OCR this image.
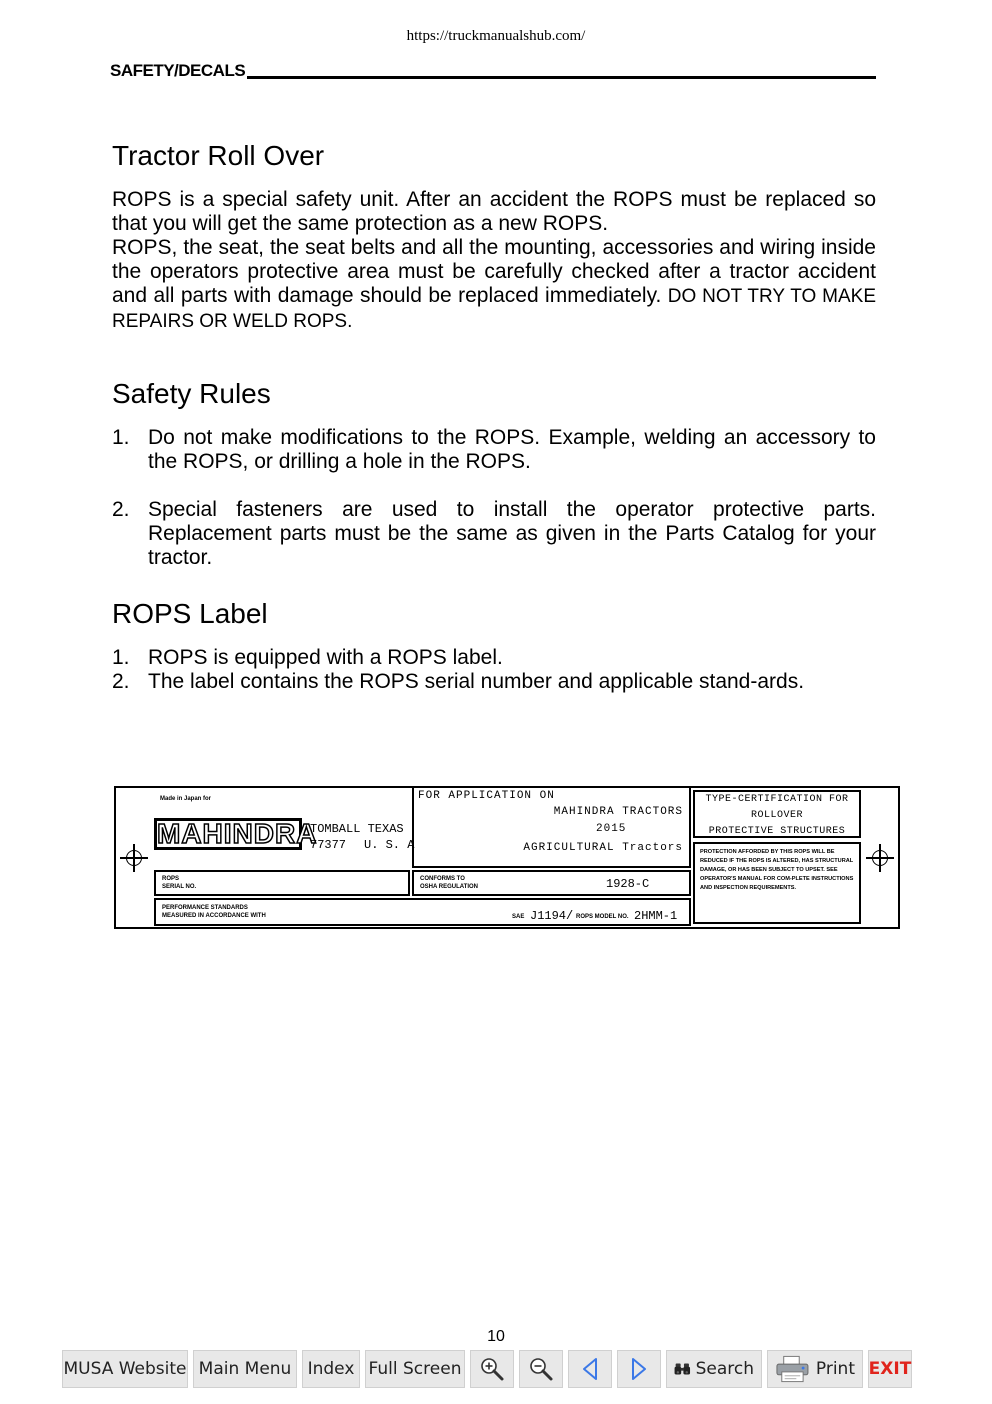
https://truckmanualshub.com/
SAFETY/DECALS
Tractor Roll Over

ROPS is a special safety unit. After an accident the ROPS must be replaced so that you will get the same protection as a new ROPS.

ROPS, the seat, the seat belts and all the mounting, accessories and wiring inside the operators protective area must be carefully checked after a tractor accident and all parts with damage should be replaced immediately. DO NOT TRY TO MAKE REPAIRS OR WELD ROPS.

Safety Rules
1. Do not make modifications to the ROPS. Example, welding an accessory to the ROPS, or drilling a hole in the ROPS.
2. Special fasteners are used to install the operator protective parts. Replacement parts must be the same as given in the Parts Catalog for your tractor.
ROPS Label
1. ROPS is equipped with a ROPS label.
2. The label contains the ROPS serial number and applicable stand-ards.
Made in Japan for
MAHINDRA
TOMBALL TEXAS
77377 U. S. A
FOR APPLICATION ON
MAHINDRA TRACTORS
2015
AGRICULTURAL Tractors
TYPE-CERTIFICATION FOR
ROLLOVER
PROTECTIVE STRUCTURES
PROTECTION AFFORDED BY THIS ROPS WILL BE REDUCED IF THE ROPS IS ALTERED, HAS STRUCTURAL DAMAGE, OR HAS BEEN SUBJECT TO UPSET. SEE OPERATOR'S MANUAL FOR COM-PLETE INSTRUCTIONS AND INSPECTION REQUIREMENTS.
ROPS
SERIAL NO.
CONFORMS TO
OSHA REGULATION	1928-C
PERFORMANCE STANDARDS
MEASURED IN ACCORDANCE WITH	SAE J1194/ ROPS MODEL NO. 2HMM-1
10
MUSA Website Main Menu Index Full Screen	Search	Print EXIT
